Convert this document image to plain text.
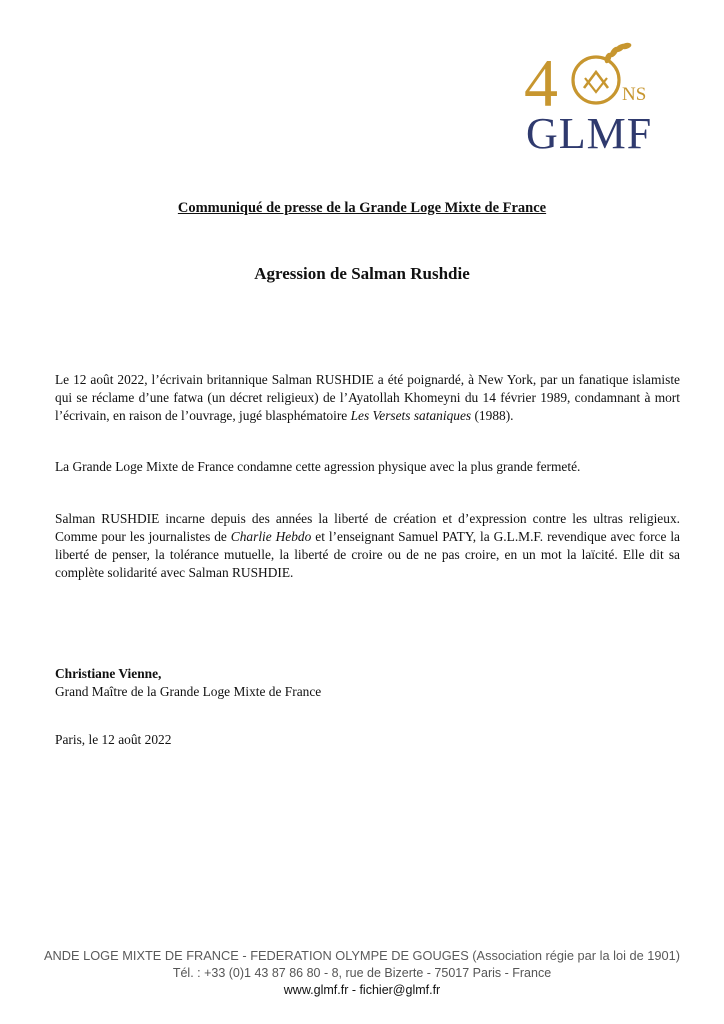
4	NS
GLMF
Communiqué de presse de la Grande Loge Mixte de France
Agression de Salman Rushdie

Le 12 août 2022, l’écrivain britannique Salman RUSHDIE a été poignardé, à New York, par un fanatique islamiste qui se réclame d’une fatwa (un décret religieux) de l’Ayatollah Khomeyni du 14 février 1989, condamnant à mort l’écrivain, en raison de l’ouvrage, jugé blasphématoire Les Versets sataniques (1988).

La Grande Loge Mixte de France condamne cette agression physique avec la plus grande fermeté.

Salman RUSHDIE incarne depuis des années la liberté de création et d’expression contre les ultras religieux. Comme pour les journalistes de Charlie Hebdo et l’enseignant Samuel PATY, la G.L.M.F. revendique avec force la liberté de penser, la tolérance mutuelle, la liberté de croire ou de ne pas croire, en un mot la laïcité. Elle dit sa complète solidarité avec Salman RUSHDIE.

Christiane Vienne,
Grand Maître de la Grande Loge Mixte de France
Paris, le 12 août 2022
ANDE LOGE MIXTE DE FRANCE - FEDERATION OLYMPE DE GOUGES (Association régie par la loi de 1901)
Tél. : +33 (0)1 43 87 86 80 - 8, rue de Bizerte - 75017 Paris - France
www.glmf.fr - fichier@glmf.fr
